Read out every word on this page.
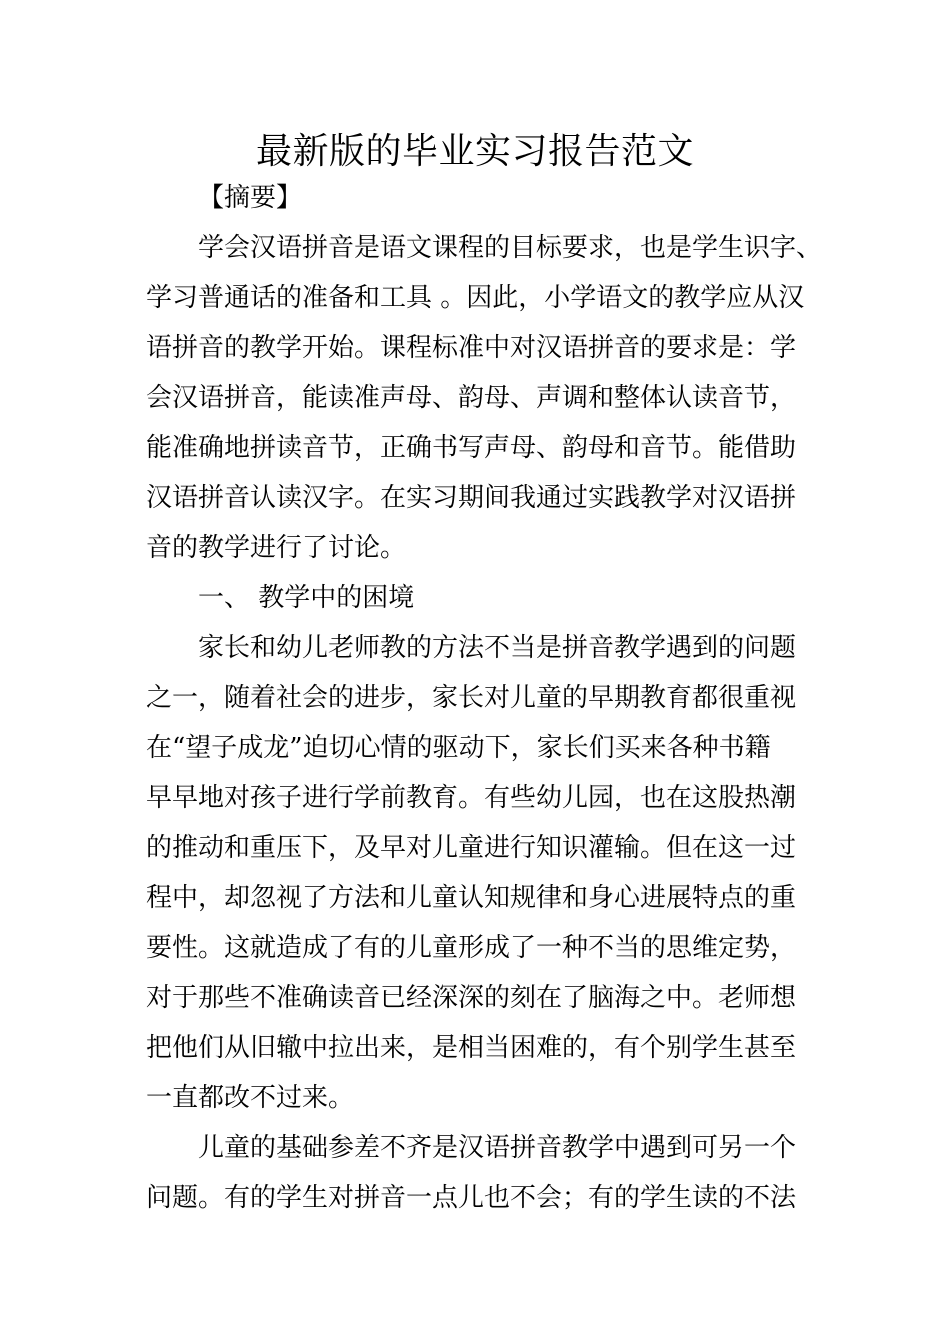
最新版的毕业实习报告范文
【摘要】
学会汉语拼音是语文课程的目标要求，也是学生识字、
学习普通话的准备和工具 。因此，小学语文的教学应从汉
语拼音的教学开始。课程标准中对汉语拼音的要求是：学
会汉语拼音，能读准声母、韵母、声调和整体认读音节，
能准确地拼读音节，正确书写声母、韵母和音节。能借助
汉语拼音认读汉字。在实习期间我通过实践教学对汉语拼
音的教学进行了讨论。
一、 教学中的困境
家长和幼儿老师教的方法不当是拼音教学遇到的问题
之一，随着社会的进步，家长对儿童的早期教育都很重视
在“望子成龙”迫切心情的驱动下，家长们买来各种书籍
早早地对孩子进行学前教育。有些幼儿园，也在这股热潮
的推动和重压下，及早对儿童进行知识灌输。但在这一过
程中，却忽视了方法和儿童认知规律和身心进展特点的重
要性。这就造成了有的儿童形成了一种不当的思维定势，
对于那些不准确读音已经深深的刻在了脑海之中。老师想
把他们从旧辙中拉出来，是相当困难的，有个别学生甚至
一直都改不过来。
儿童的基础参差不齐是汉语拼音教学中遇到可另一个
问题。有的学生对拼音一点儿也不会；有的学生读的不法
